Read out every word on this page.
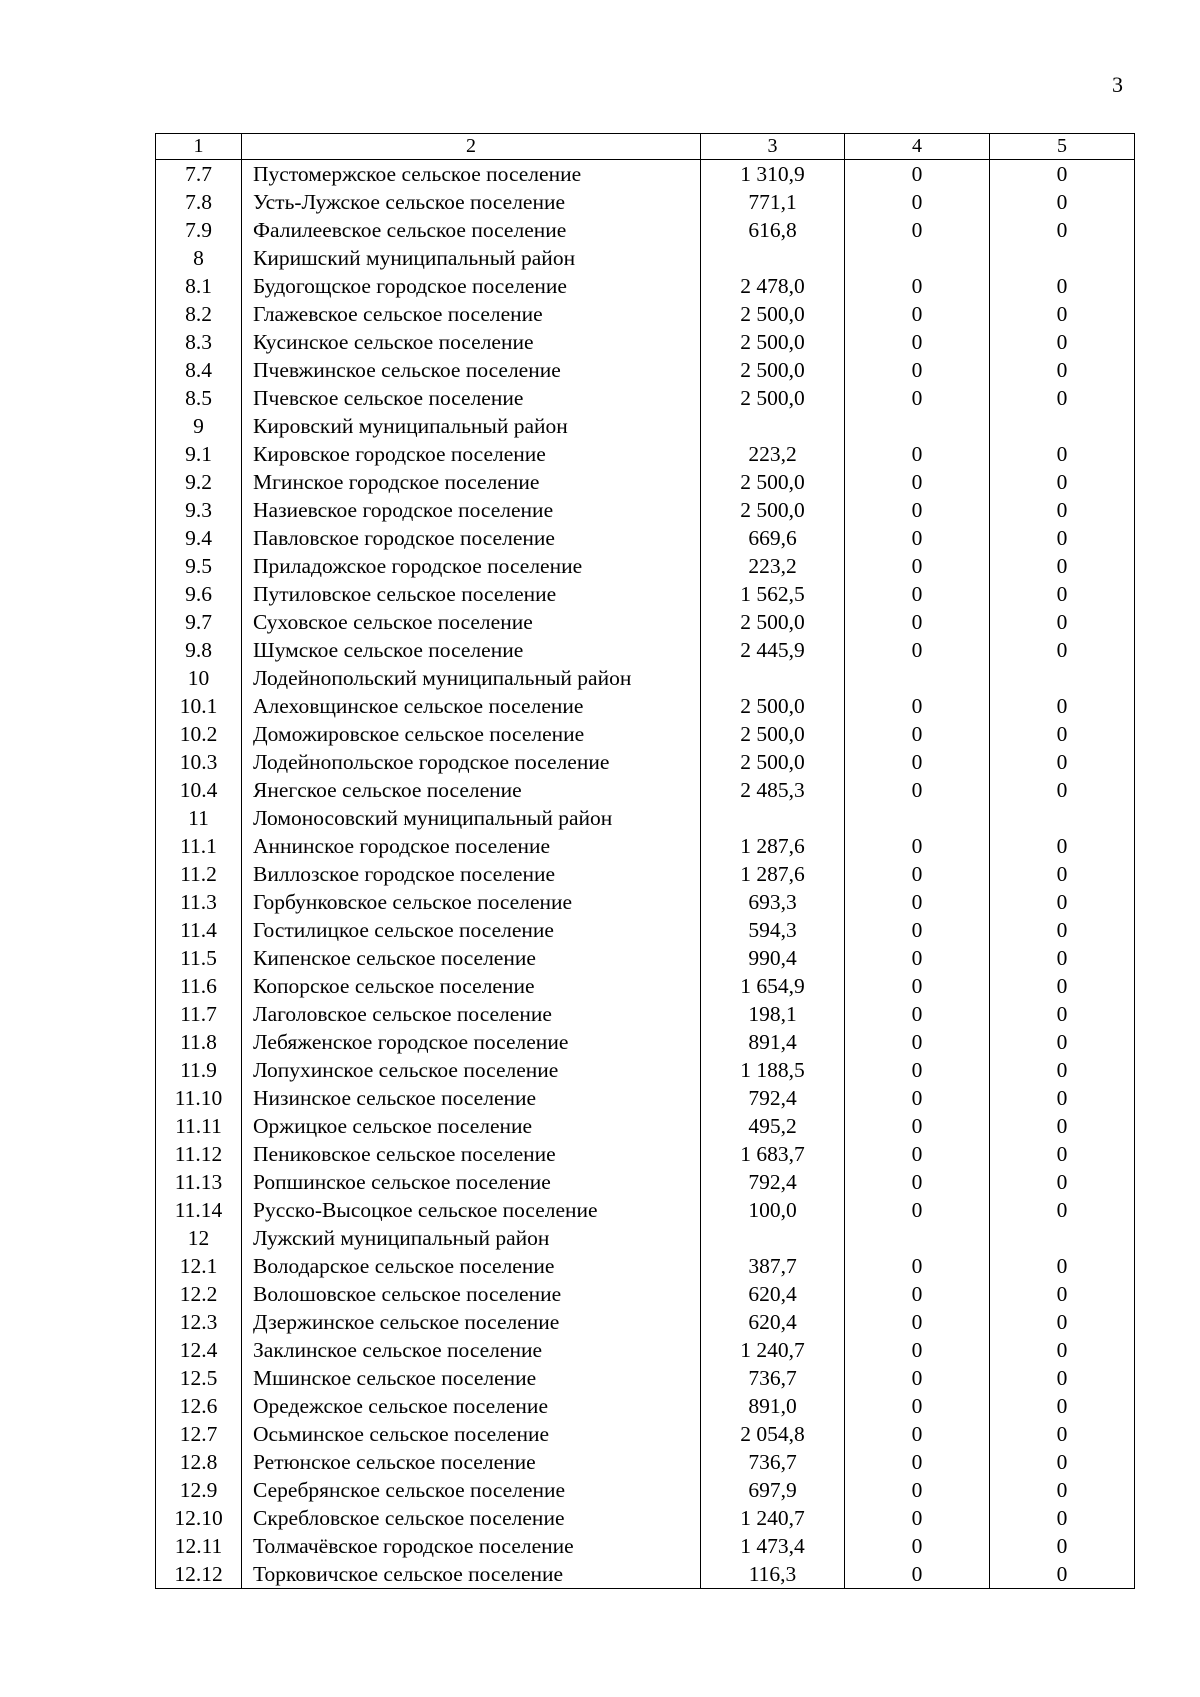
3
1	2	3	4	5
7.7	Пустомержское сельское поселение	1 310,9	0	0
7.8	Усть-Лужское сельское поселение	771,1	0	0
7.9	Фалилеевское сельское поселение	616,8	0	0
8	Киришский муниципальный район			
8.1	Будогощское городское поселение	2 478,0	0	0
8.2	Глажевское сельское поселение	2 500,0	0	0
8.3	Кусинское сельское поселение	2 500,0	0	0
8.4	Пчевжинское сельское поселение	2 500,0	0	0
8.5	Пчевское сельское поселение	2 500,0	0	0
9	Кировский муниципальный район			
9.1	Кировское городское поселение	223,2	0	0
9.2	Мгинское городское поселение	2 500,0	0	0
9.3	Назиевское городское поселение	2 500,0	0	0
9.4	Павловское городское поселение	669,6	0	0
9.5	Приладожское городское поселение	223,2	0	0
9.6	Путиловское сельское поселение	1 562,5	0	0
9.7	Суховское сельское поселение	2 500,0	0	0
9.8	Шумское сельское поселение	2 445,9	0	0
10	Лодейнопольский муниципальный район			
10.1	Алеховщинское сельское поселение	2 500,0	0	0
10.2	Доможировское сельское поселение	2 500,0	0	0
10.3	Лодейнопольское городское поселение	2 500,0	0	0
10.4	Янегское сельское поселение	2 485,3	0	0
11	Ломоносовский муниципальный район			
11.1	Аннинское городское поселение	1 287,6	0	0
11.2	Виллозское городское поселение	1 287,6	0	0
11.3	Горбунковское сельское поселение	693,3	0	0
11.4	Гостилицкое сельское поселение	594,3	0	0
11.5	Кипенское сельское поселение	990,4	0	0
11.6	Копорское сельское поселение	1 654,9	0	0
11.7	Лаголовское сельское поселение	198,1	0	0
11.8	Лебяженское городское поселение	891,4	0	0
11.9	Лопухинское сельское поселение	1 188,5	0	0
11.10	Низинское сельское поселение	792,4	0	0
11.11	Оржицкое сельское поселение	495,2	0	0
11.12	Пениковское сельское поселение	1 683,7	0	0
11.13	Ропшинское сельское поселение	792,4	0	0
11.14	Русско-Высоцкое сельское поселение	100,0	0	0
12	Лужский муниципальный район			
12.1	Володарское сельское поселение	387,7	0	0
12.2	Волошовское сельское поселение	620,4	0	0
12.3	Дзержинское сельское поселение	620,4	0	0
12.4	Заклинское сельское поселение	1 240,7	0	0
12.5	Мшинское сельское поселение	736,7	0	0
12.6	Оредежское сельское поселение	891,0	0	0
12.7	Осьминское сельское поселение	2 054,8	0	0
12.8	Ретюнское сельское поселение	736,7	0	0
12.9	Серебрянское сельское поселение	697,9	0	0
12.10	Скребловское сельское поселение	1 240,7	0	0
12.11	Толмачёвское городское поселение	1 473,4	0	0
12.12	Торковичское сельское поселение	116,3	0	0
